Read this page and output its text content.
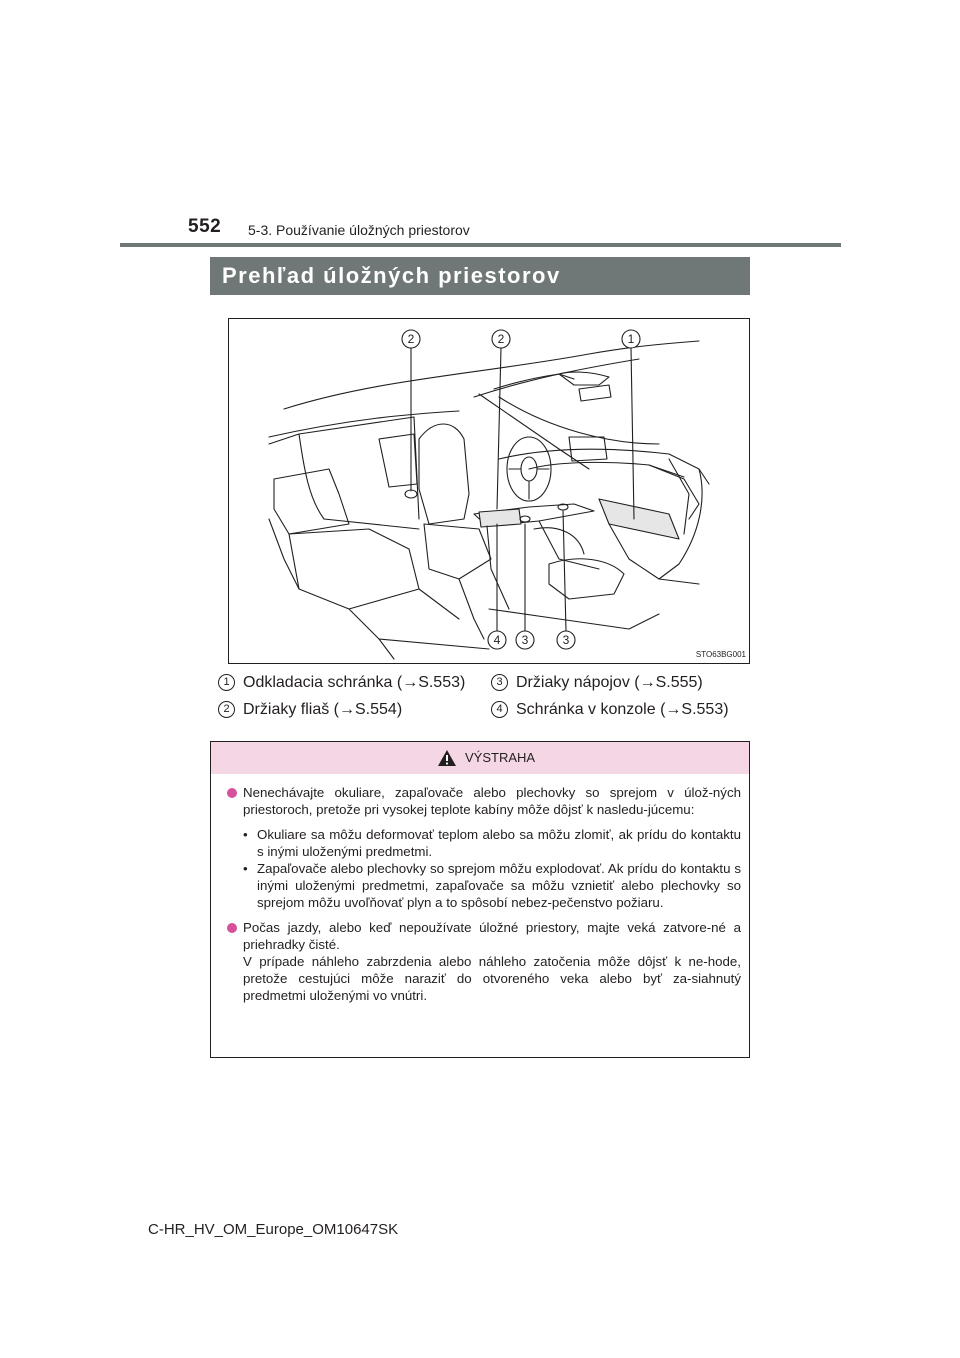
552 5-3. Používanie úložných priestorov
Prehľad úložných priestorov
2	2	1
4 3	3
STO63BG001
1 Odkladacia schránka (→S.553)
2 Držiaky fliaš (→S.554)
3 Držiaky nápojov (→S.555)
4 Schránka v konzole (→S.553)
VÝSTRAHA
Nenechávajte okuliare, zapaľovače alebo plechovky so sprejom v úlož-ných priestoroch, pretože pri vysokej teplote kabíny môže dôjsť k nasledu-júcemu:
• Okuliare sa môžu deformovať teplom alebo sa môžu zlomiť, ak prídu do kontaktu s inými uloženými predmetmi.
• Zapaľovače alebo plechovky so sprejom môžu explodovať. Ak prídu do kontaktu s inými uloženými predmetmi, zapaľovače sa môžu vznietiť alebo plechovky so sprejom môžu uvoľňovať plyn a to spôsobí nebez-pečenstvo požiaru.
Počas jazdy, alebo keď nepoužívate úložné priestory, majte veká zatvore-né a priehradky čisté.
V prípade náhleho zabrzdenia alebo náhleho zatočenia môže dôjsť k ne-hode, pretože cestujúci môže naraziť do otvoreného veka alebo byť za-siahnutý predmetmi uloženými vo vnútri.
C-HR_HV_OM_Europe_OM10647SK
